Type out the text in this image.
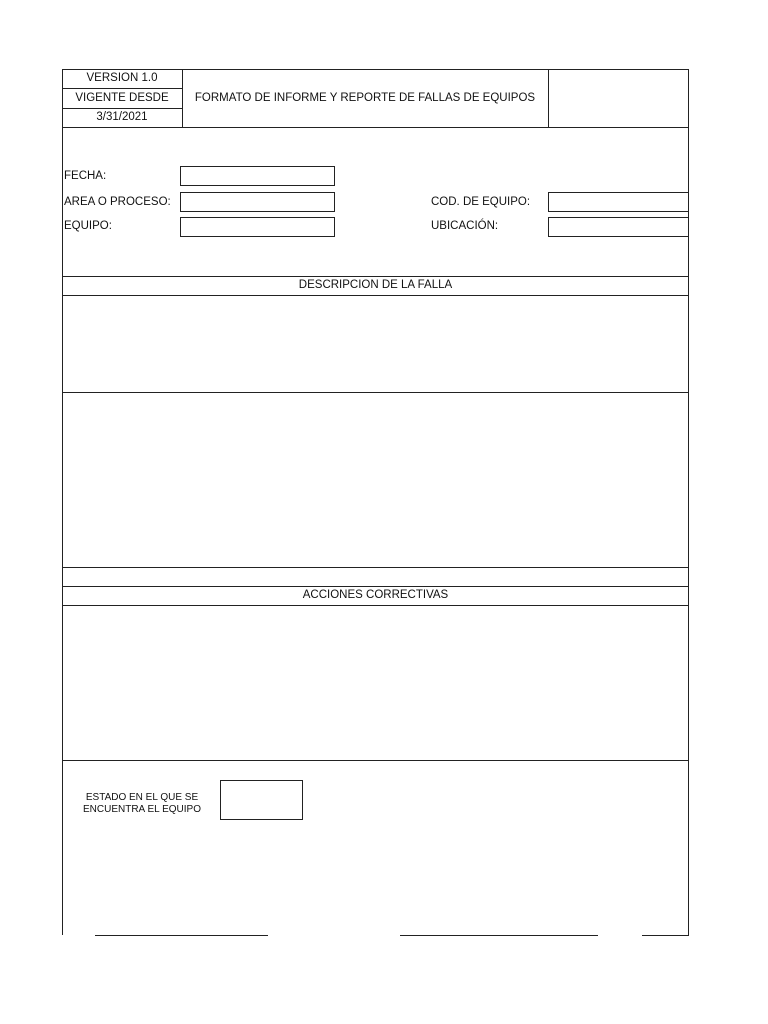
VERSION 1.0
VIGENTE DESDE
3/31/2021
FORMATO DE INFORME Y REPORTE DE FALLAS DE EQUIPOS
FECHA:
AREA O PROCESO:
EQUIPO:
COD. DE EQUIPO:
UBICACIÓN:
DESCRIPCION DE LA FALLA
ACCIONES CORRECTIVAS
ESTADO EN EL QUE SE ENCUENTRA EL EQUIPO
